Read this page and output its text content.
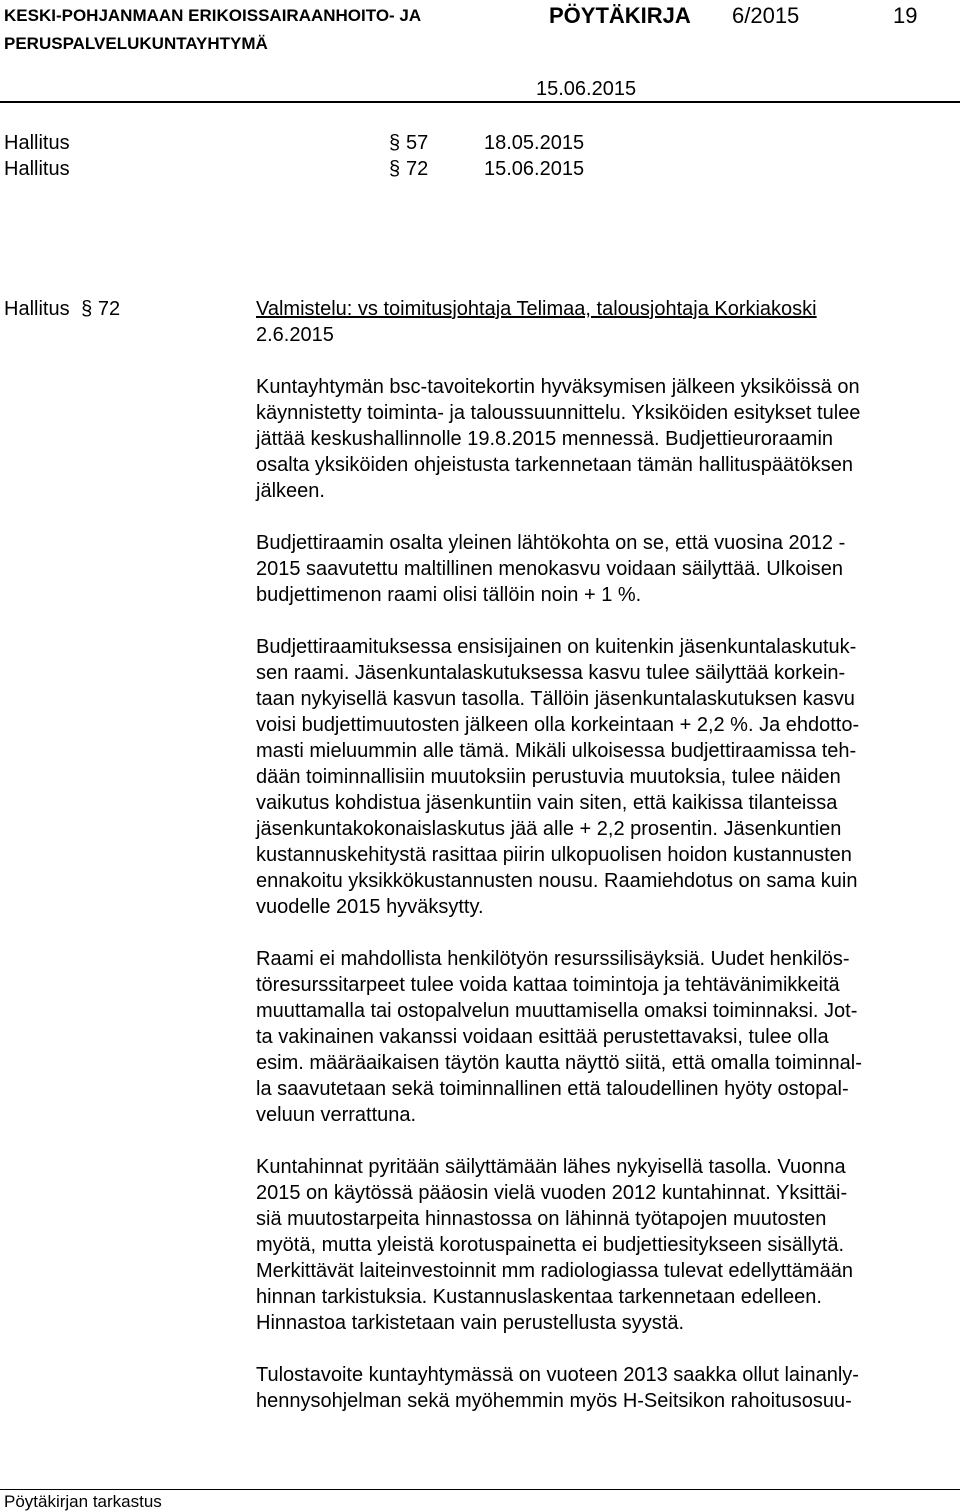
KESKI-POHJANMAAN ERIKOISSAIRAANHOITO- JA
PERUSPALVELUKUNTAYHTYMÄ
PÖYTÄKIRJA 6/2015	19
15.06.2015
Hallitus	§ 57	18.05.2015
Hallitus	§ 72	15.06.2015
Hallitus § 72	Valmistelu: vs toimitusjohtaja Telimaa, talousjohtaja Korkiakoski

2.6.2015

Kuntayhtymän bsc-tavoitekortin hyväksymisen jälkeen yksiköissä on
käynnistetty toiminta- ja taloussuunnittelu. Yksiköiden esitykset tulee
jättää keskushallinnolle 19.8.2015 mennessä. Budjettieuroraamin
osalta yksiköiden ohjeistusta tarkennetaan tämän hallituspäätöksen
jälkeen.

Budjettiraamin osalta yleinen lähtökohta on se, että vuosina 2012 -
2015 saavutettu maltillinen menokasvu voidaan säilyttää. Ulkoisen
budjettimenon raami olisi tällöin noin + 1 %.

Budjettiraamituksessa ensisijainen on kuitenkin jäsenkuntalaskutuk-
sen raami. Jäsenkuntalaskutuksessa kasvu tulee säilyttää korkein-
taan nykyisellä kasvun tasolla. Tällöin jäsenkuntalaskutuksen kasvu
voisi budjettimuutosten jälkeen olla korkeintaan + 2,2 %. Ja ehdotto-
masti mieluummin alle tämä. Mikäli ulkoisessa budjettiraamissa teh-
dään toiminnallisiin muutoksiin perustuvia muutoksia, tulee näiden
vaikutus kohdistua jäsenkuntiin vain siten, että kaikissa tilanteissa
jäsenkuntakokonaislaskutus jää alle + 2,2 prosentin. Jäsenkuntien
kustannuskehitystä rasittaa piirin ulkopuolisen hoidon kustannusten
ennakoitu yksikkökustannusten nousu. Raamiehdotus on sama kuin
vuodelle 2015 hyväksytty.

Raami ei mahdollista henkilötyön resurssilisäyksiä. Uudet henkilös-
töresurssitarpeet tulee voida kattaa toimintoja ja tehtävänimikkeitä
muuttamalla tai ostopalvelun muuttamisella omaksi toiminnaksi. Jot-
ta vakinainen vakanssi voidaan esittää perustettavaksi, tulee olla
esim. määräaikaisen täytön kautta näyttö siitä, että omalla toiminnal-
la saavutetaan sekä toiminnallinen että taloudellinen hyöty ostopal-
veluun verrattuna.

Kuntahinnat pyritään säilyttämään lähes nykyisellä tasolla. Vuonna
2015 on käytössä pääosin vielä vuoden 2012 kuntahinnat. Yksittäi-
siä muutostarpeita hinnastossa on lähinnä työtapojen muutosten
myötä, mutta yleistä korotuspainetta ei budjettiesitykseen sisällytä.
Merkittävät laiteinvestoinnit mm radiologiassa tulevat edellyttämään
hinnan tarkistuksia. Kustannuslaskentaa tarkennetaan edelleen.
Hinnastoa tarkistetaan vain perustellusta syystä.

Tulostavoite kuntayhtymässä on vuoteen 2013 saakka ollut lainanly-
hennysohjelman sekä myöhemmin myös H-Seitsikon rahoitusosuu-

Pöytäkirjan tarkastus
